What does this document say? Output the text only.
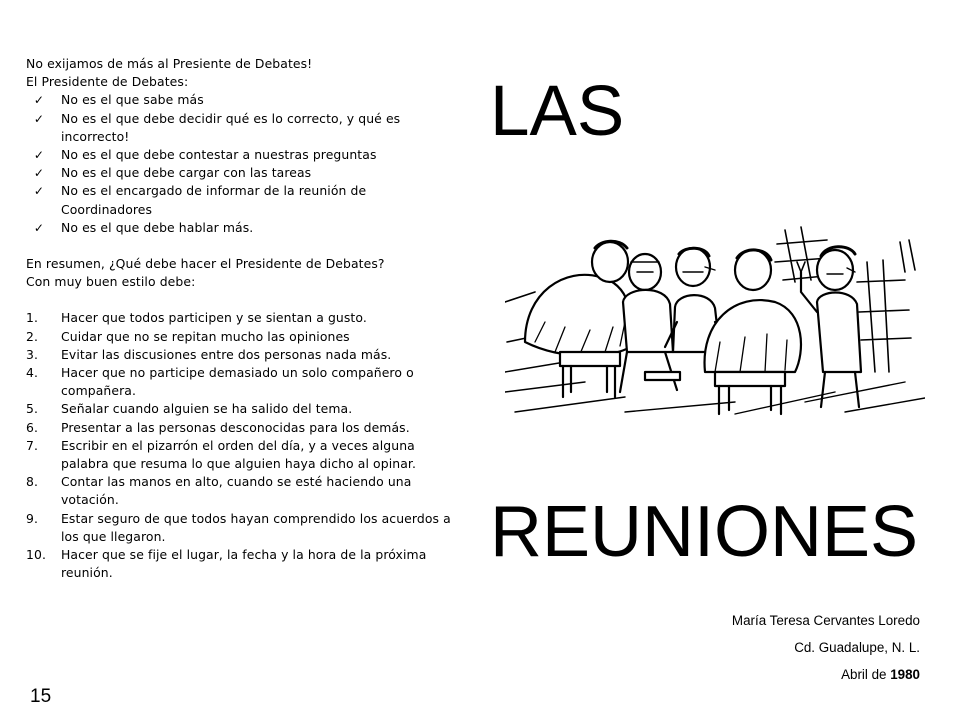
No exijamos de más al Presiente de Debates!

El Presidente de Debates:

✓ No es el que sabe más
✓ No es el que debe decidir qué es lo correcto, y qué es incorrecto!
✓ No es el que debe contestar a nuestras preguntas
✓ No es el que debe cargar con las tareas
✓ No es el encargado de informar de la reunión de Coordinadores
✓ No es el que debe hablar más.

En resumen, ¿Qué debe hacer el Presidente de Debates?

Con muy buen estilo debe:

1.	Hacer que todos participen y se sientan a gusto.
2.	Cuidar que no se repitan mucho las opiniones
3.	Evitar las discusiones entre dos personas nada más.
4.	Hacer que no participe demasiado un solo compañero o compañera.
5.	Señalar cuando alguien se ha salido del tema.
6.	Presentar a las personas desconocidas para los demás.
7.	Escribir en el pizarrón el orden del día, y a veces alguna palabra que resuma lo que alguien haya dicho al opinar.
8.	Contar las manos en alto, cuando se esté haciendo una votación.
9.	Estar seguro de que todos hayan comprendido los acuerdos a los que llegaron.
10.	Hacer que se fije el lugar, la fecha y la hora de la próxima reunión.
15
LAS
REUNIONES
María Teresa Cervantes Loredo
Cd. Guadalupe, N. L.
Abril de 1980
